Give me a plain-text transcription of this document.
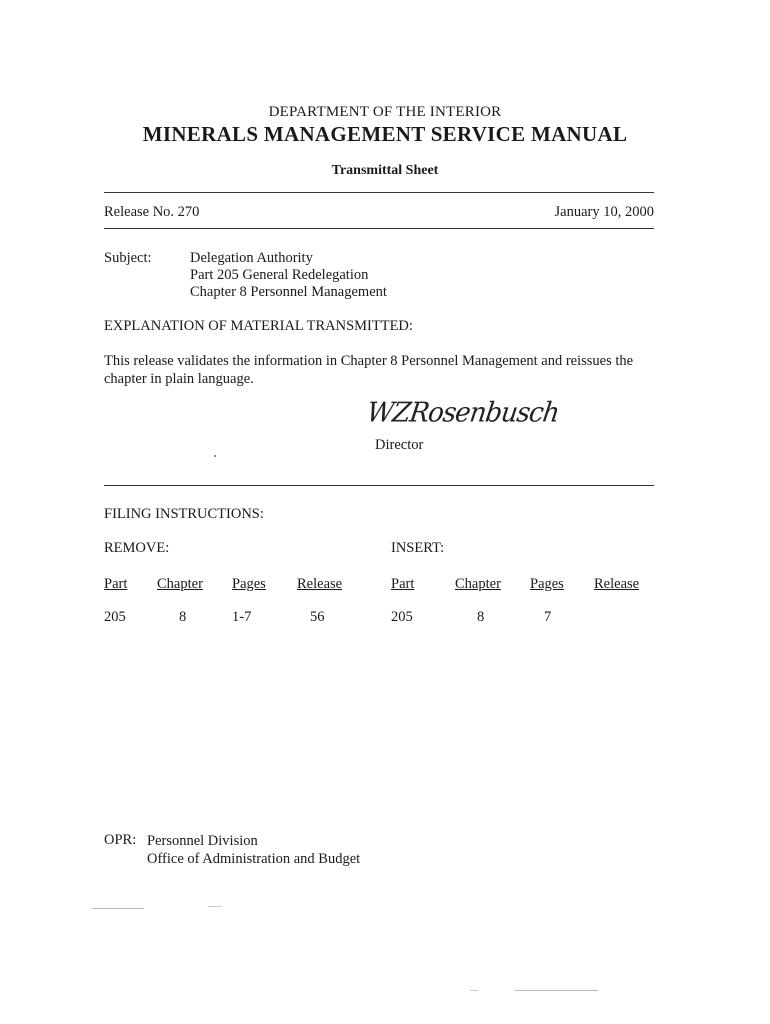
DEPARTMENT OF THE INTERIOR
MINERALS MANAGEMENT SERVICE MANUAL
Transmittal Sheet
Release No. 270	January 10, 2000
Subject:	Delegation Authority
Part 205 General Redelegation
Chapter 8 Personnel Management
EXPLANATION OF MATERIAL TRANSMITTED:
This release validates the information in Chapter 8 Personnel Management and reissues the
chapter in plain language.
WZRosenbusch
Director
FILING INSTRUCTIONS:
REMOVE:	INSERT:
Part Chapter Pages Release	Part	Chapter Pages Release
205	8	1-7	56	205	8	7
OPR: Personnel Division
Office of Administration and Budget
